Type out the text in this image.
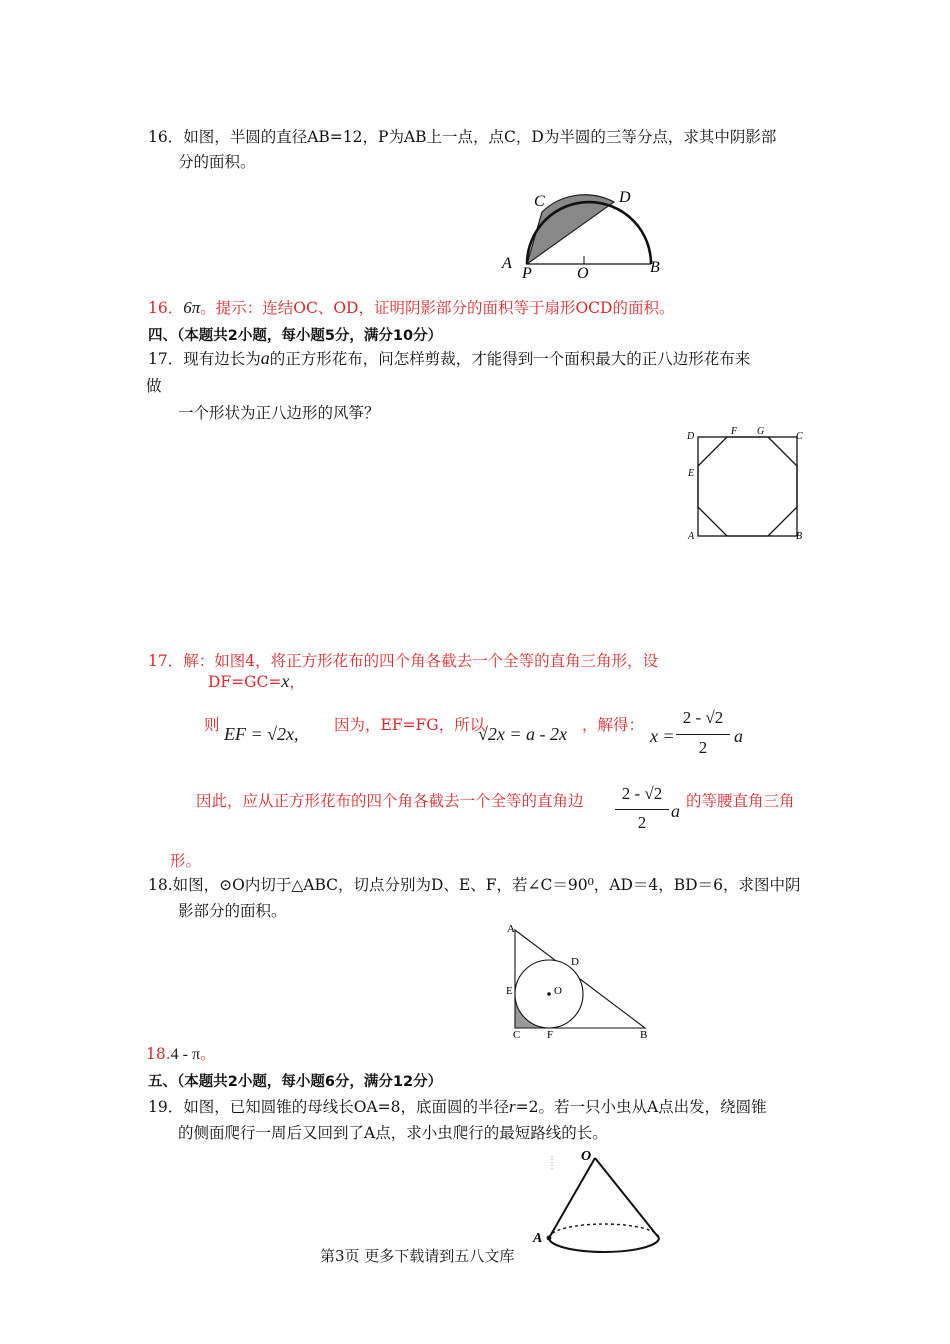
16．如图，半圆的直径AB=12，P为AB上一点，点C，D为半圆的三等分点，求其中阴影部
分的面积。
C	D
A
P	O	B
16．6π。提示：连结OC、OD，证明阴影部分的面积等于扇形OCD的面积。
四、（本题共2小题，每小题5分，满分10分）
17．现有边长为a的正方形花布，问怎样剪裁，才能得到一个面积最大的正八边形花布来
做
一个形状为正八边形的风筝？
D	F G	C
E
A	B
17．解：如图4，将正方形花布的四个角各截去一个全等的直角三角形，设
DF=GC=x，
则 EF = √2x, 因为，EF=FG，所以
√2x = a - 2x ，解得：
x =
2 - √2
2
a
因此，应从正方形花布的四个角各截去一个全等的直角边	2 - √2
2
a 的等腰直角三角
形。
18.如图，⊙O内切于△ABC，切点分别为D、E、F，若∠C＝90⁰，AD＝4，BD＝6，求图中阴
影部分的面积。
A
D
E	O
C F	B
18.4 - π。
五、（本题共2小题，每小题6分，满分12分）
19．如图，已知圆锥的母线长OA=8，底面圆的半径r=2。若一只小虫从A点出发，绕圆锥
的侧面爬行一周后又回到了A点，求小虫爬行的最短路线的长。
O
A
第3页 更多下载请到五八文库
